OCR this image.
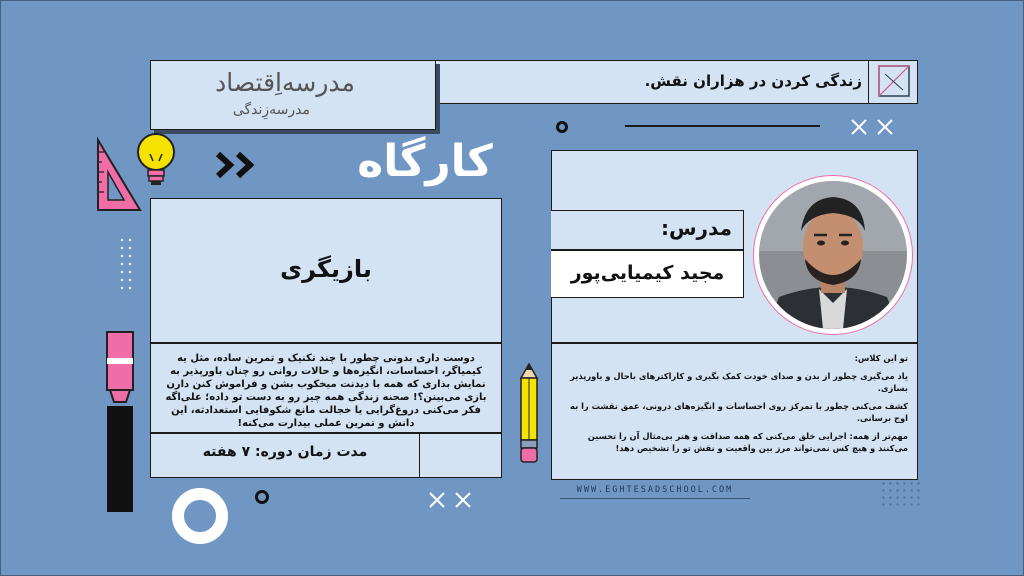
زندگی کردن در هزاران نقش.
مدرسه‌اِقتصاد
مدرسه‌زِندگی
کارگاه
بازیگری
دوست داری بدونی چطور با چند تکنیک و تمرین ساده، مثل یه کیمیاگر، احساسات، انگیزه‌ها و حالات روانی رو چنان باورپذیر به نمایش بذاری که همه با دیدنت میخکوب بشن و فراموش کنن دارن بازی می‌بینن؟! صحنه زندگی همه چیز رو به دست تو داده؛ علی‌اگه فکر می‌کنی دروغ‌گرایی یا خجالت مانع شکوفایی استعدادته، این دانش و تمرین عملی بیدارت می‌کنه!
مدت زمان دوره: ۷ هفته
مدرس:
مجید کیمیایی‌پور

تو این کلاس:

یاد می‌گیری چطور از بدن و صدای خودت کمک بگیری و کاراکترهای باحال و باورپذیر بسازی.

کشف می‌کنی چطور با تمرکز روی احساسات و انگیزه‌های درونی، عمق نقشت را به اوج برسانی.

مهم‌تر از همه: اجرایی خلق می‌کنی که همه صداقت و هنر بی‌مثال آن را تحسین می‌کنند و هیچ کس نمی‌تواند مرز بین واقعیت و نقش تو را تشخیص دهد!

WWW.EGHTESADSCHOOL.COM
